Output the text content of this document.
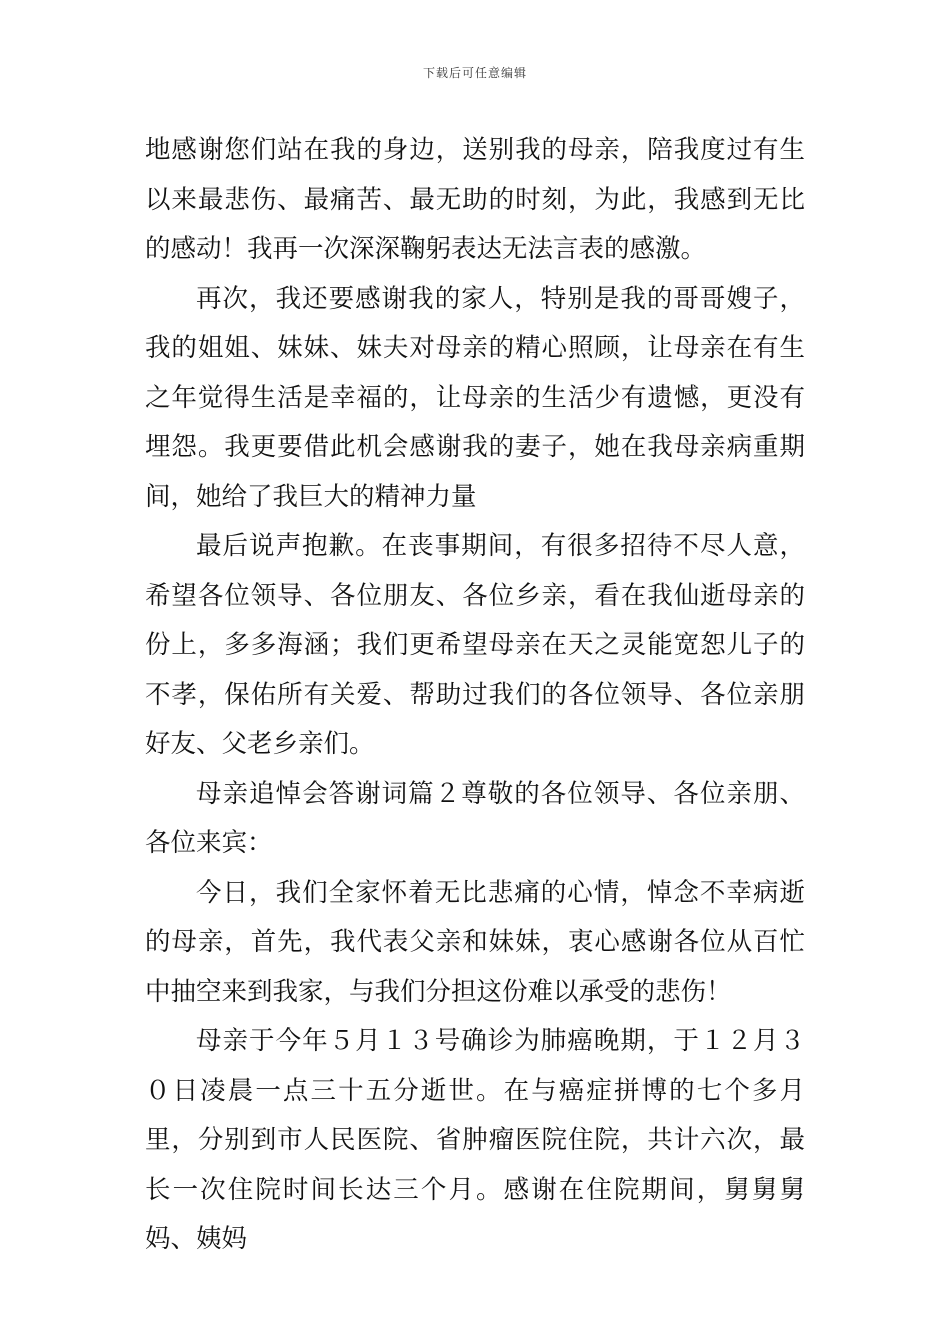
下载后可任意编辑

地感谢您们站在我的身边，送别我的母亲，陪我度过有生以来最悲伤、最痛苦、最无助的时刻，为此，我感到无比的感动！我再一次深深鞠躬表达无法言表的感激。

再次，我还要感谢我的家人，特别是我的哥哥嫂子，我的姐姐、妹妹、妹夫对母亲的精心照顾，让母亲在有生之年觉得生活是幸福的，让母亲的生活少有遗憾，更没有埋怨。我更要借此机会感谢我的妻子，她在我母亲病重期间，她给了我巨大的精神力量

最后说声抱歉。在丧事期间，有很多招待不尽人意，希望各位领导、各位朋友、各位乡亲，看在我仙逝母亲的份上，多多海涵；我们更希望母亲在天之灵能宽恕儿子的不孝，保佑所有关爱、帮助过我们的各位领导、各位亲朋好友、父老乡亲们。

母亲追悼会答谢词篇２尊敬的各位领导、各位亲朋、各位来宾：

今日，我们全家怀着无比悲痛的心情，悼念不幸病逝的母亲，首先，我代表父亲和妹妹，衷心感谢各位从百忙中抽空来到我家，与我们分担这份难以承受的悲伤！

母亲于今年５月１３号确诊为肺癌晚期，于１２月３０日凌晨一点三十五分逝世。在与癌症拼博的七个多月里，分别到市人民医院、省肿瘤医院住院，共计六次，最长一次住院时间长达三个月。感谢在住院期间，舅舅舅妈、姨妈
